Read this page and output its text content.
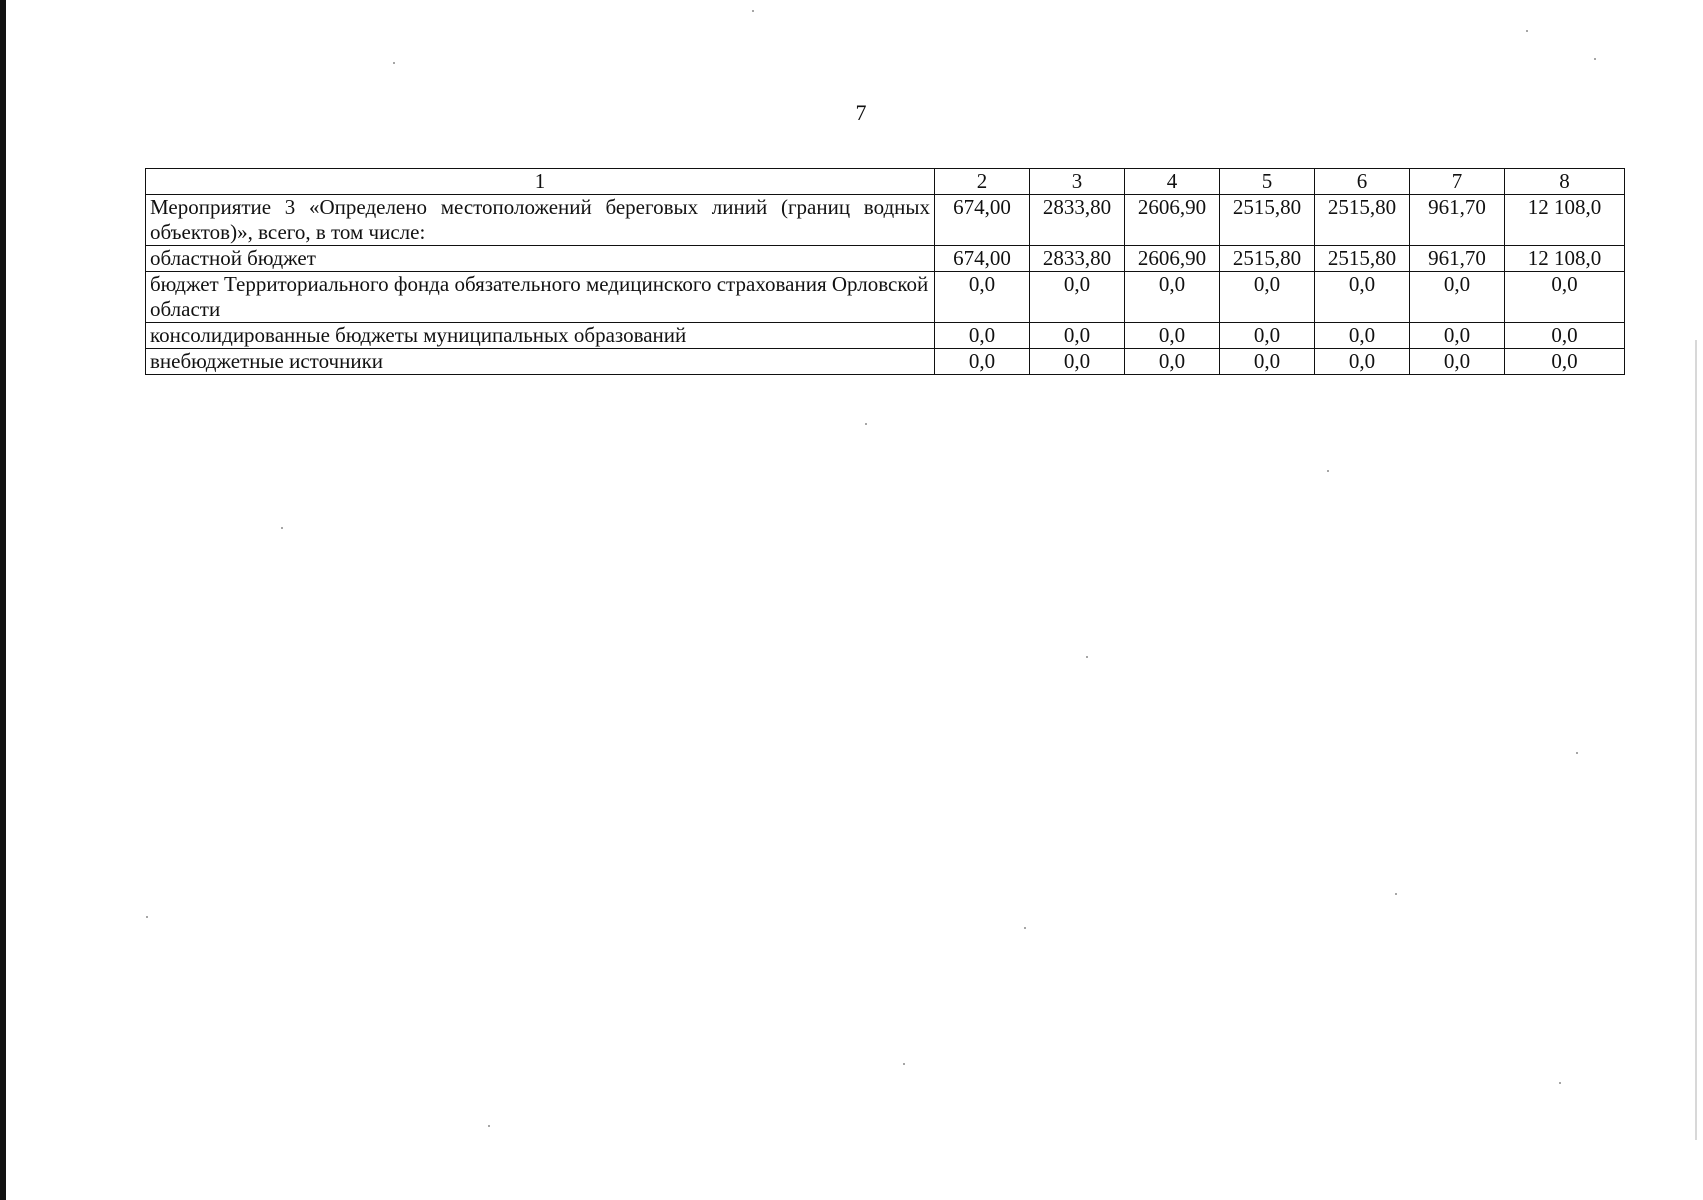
7
1	2	3	4	5	6	7	8
Мероприятие 3 «Определено местоположений береговых линий (границ водных объектов)», всего, в том числе:	674,00	2833,80	2606,90	2515,80	2515,80	961,70	12 108,0
областной бюджет	674,00	2833,80	2606,90	2515,80	2515,80	961,70	12 108,0
бюджет Территориального фонда обязательного медицинского страхования Орловской области	0,0	0,0	0,0	0,0	0,0	0,0	0,0
консолидированные бюджеты муниципальных образований	0,0	0,0	0,0	0,0	0,0	0,0	0,0
внебюджетные источники	0,0	0,0	0,0	0,0	0,0	0,0	0,0
